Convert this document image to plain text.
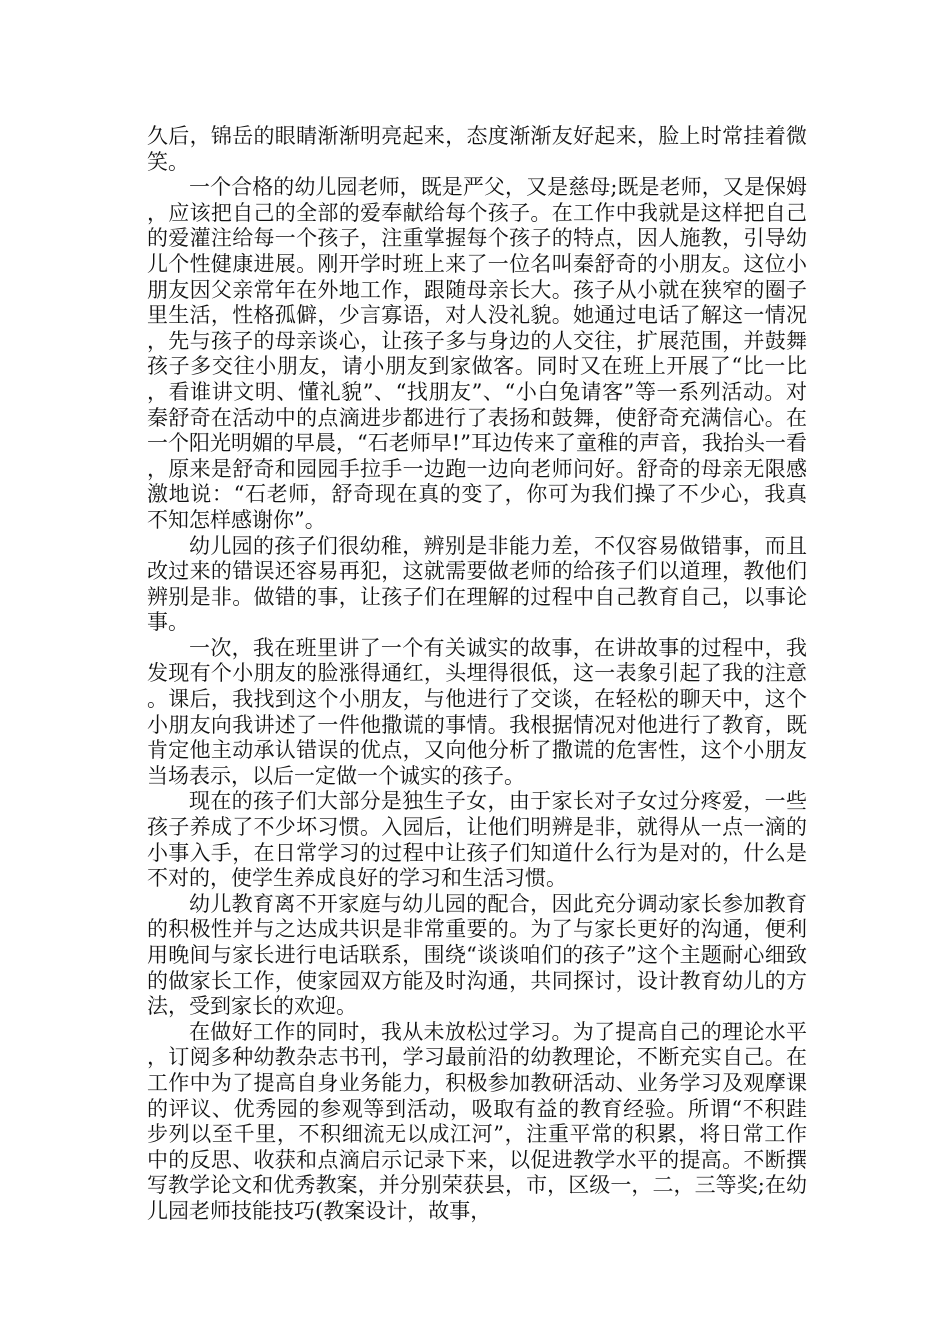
久后，锦岳的眼睛渐渐明亮起来，态度渐渐友好起来，脸上时常挂着微笑。

一个合格的幼儿园老师，既是严父，又是慈母;既是老师，又是保姆，应该把自己的全部的爱奉献给每个孩子。在工作中我就是这样把自己的爱灌注给每一个孩子，注重掌握每个孩子的特点，因人施教，引导幼儿个性健康进展。刚开学时班上来了一位名叫秦舒奇的小朋友。这位小朋友因父亲常年在外地工作，跟随母亲长大。孩子从小就在狭窄的圈子里生活，性格孤僻，少言寡语，对人没礼貌。她通过电话了解这一情况，先与孩子的母亲谈心，让孩子多与身边的人交往，扩展范围，并鼓舞孩子多交往小朋友，请小朋友到家做客。同时又在班上开展了“比一比，看谁讲文明、懂礼貌”、“找朋友”、“小白兔请客”等一系列活动。对秦舒奇在活动中的点滴进步都进行了表扬和鼓舞，使舒奇充满信心。在一个阳光明媚的早晨，“石老师早!”耳边传来了童稚的声音，我抬头一看，原来是舒奇和园园手拉手一边跑一边向老师问好。舒奇的母亲无限感激地说：“石老师，舒奇现在真的变了，你可为我们操了不少心，我真不知怎样感谢你”。

幼儿园的孩子们很幼稚，辨别是非能力差，不仅容易做错事，而且改过来的错误还容易再犯，这就需要做老师的给孩子们以道理，教他们辨别是非。做错的事，让孩子们在理解的过程中自己教育自己，以事论事。

一次，我在班里讲了一个有关诚实的故事，在讲故事的过程中，我发现有个小朋友的脸涨得通红，头埋得很低，这一表象引起了我的注意。课后，我找到这个小朋友，与他进行了交谈，在轻松的聊天中，这个小朋友向我讲述了一件他撒谎的事情。我根据情况对他进行了教育，既肯定他主动承认错误的优点，又向他分析了撒谎的危害性，这个小朋友当场表示，以后一定做一个诚实的孩子。

现在的孩子们大部分是独生子女，由于家长对子女过分疼爱，一些孩子养成了不少坏习惯。入园后，让他们明辨是非，就得从一点一滴的小事入手，在日常学习的过程中让孩子们知道什么行为是对的，什么是不对的，使学生养成良好的学习和生活习惯。

幼儿教育离不开家庭与幼儿园的配合，因此充分调动家长参加教育的积极性并与之达成共识是非常重要的。为了与家长更好的沟通，便利用晚间与家长进行电话联系，围绕“谈谈咱们的孩子”这个主题耐心细致的做家长工作，使家园双方能及时沟通，共同探讨，设计教育幼儿的方法，受到家长的欢迎。

在做好工作的同时，我从未放松过学习。为了提高自己的理论水平，订阅多种幼教杂志书刊，学习最前沿的幼教理论，不断充实自己。在工作中为了提高自身业务能力，积极参加教研活动、业务学习及观摩课的评议、优秀园的参观等到活动，吸取有益的教育经验。所谓“不积跬步列以至千里，不积细流无以成江河”，注重平常的积累，将日常工作中的反思、收获和点滴启示记录下来，以促进教学水平的提高。不断撰写教学论文和优秀教案，并分别荣获县，市，区级一，二，三等奖;在幼儿园老师技能技巧(教案设计，故事，
